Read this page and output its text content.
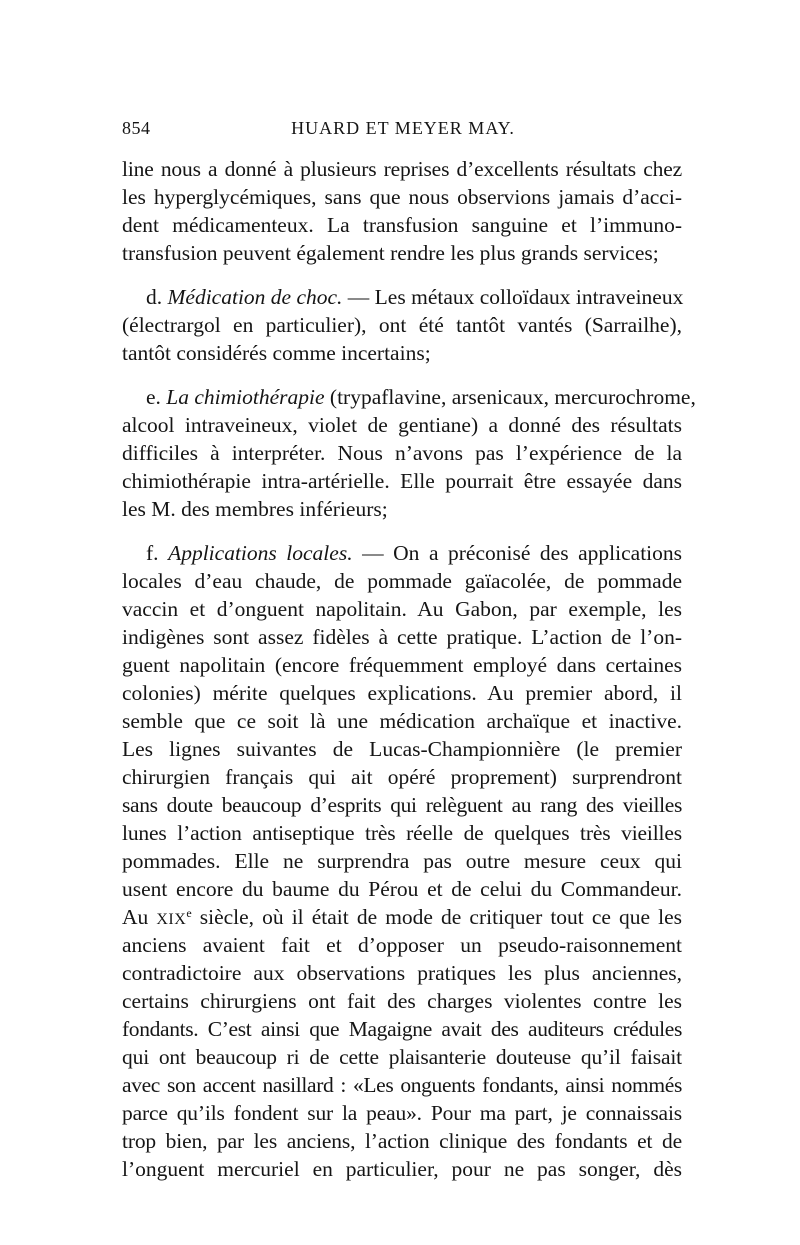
854	HUARD ET MEYER MAY.
line nous a donné à plusieurs reprises d’excellents résultats chez
les hyperglycémiques, sans que nous observions jamais d’acci-
dent médicamenteux. La transfusion sanguine et l’immuno-
transfusion peuvent également rendre les plus grands services;
d. Médication de choc. — Les métaux colloïdaux intraveineux
(électrargol en particulier), ont été tantôt vantés (Sarrailhe),
tantôt considérés comme incertains;
e. La chimiothérapie (trypaflavine, arsenicaux, mercurochrome,
alcool intraveineux, violet de gentiane) a donné des résultats
difficiles à interpréter. Nous n’avons pas l’expérience de la
chimiothérapie intra-artérielle. Elle pourrait être essayée dans
les M. des membres inférieurs;
f. Applications locales. — On a préconisé des applications
locales d’eau chaude, de pommade gaïacolée, de pommade
vaccin et d’onguent napolitain. Au Gabon, par exemple, les
indigènes sont assez fidèles à cette pratique. L’action de l’on-
guent napolitain (encore fréquemment employé dans certaines
colonies) mérite quelques explications. Au premier abord, il
semble que ce soit là une médication archaïque et inactive.
Les lignes suivantes de Lucas-Championnière (le premier
chirurgien français qui ait opéré proprement) surprendront
sans doute beaucoup d’esprits qui relèguent au rang des vieilles
lunes l’action antiseptique très réelle de quelques très vieilles
pommades. Elle ne surprendra pas outre mesure ceux qui
usent encore du baume du Pérou et de celui du Commandeur.
Au XIXe siècle, où il était de mode de critiquer tout ce que les
anciens avaient fait et d’opposer un pseudo-raisonnement
contradictoire aux observations pratiques les plus anciennes,
certains chirurgiens ont fait des charges violentes contre les
fondants. C’est ainsi que Magaigne avait des auditeurs crédules
qui ont beaucoup ri de cette plaisanterie douteuse qu’il faisait
avec son accent nasillard : «Les onguents fondants, ainsi nommés
parce qu’ils fondent sur la peau». Pour ma part, je connaissais
trop bien, par les anciens, l’action clinique des fondants et de
l’onguent mercuriel en particulier, pour ne pas songer, dès
